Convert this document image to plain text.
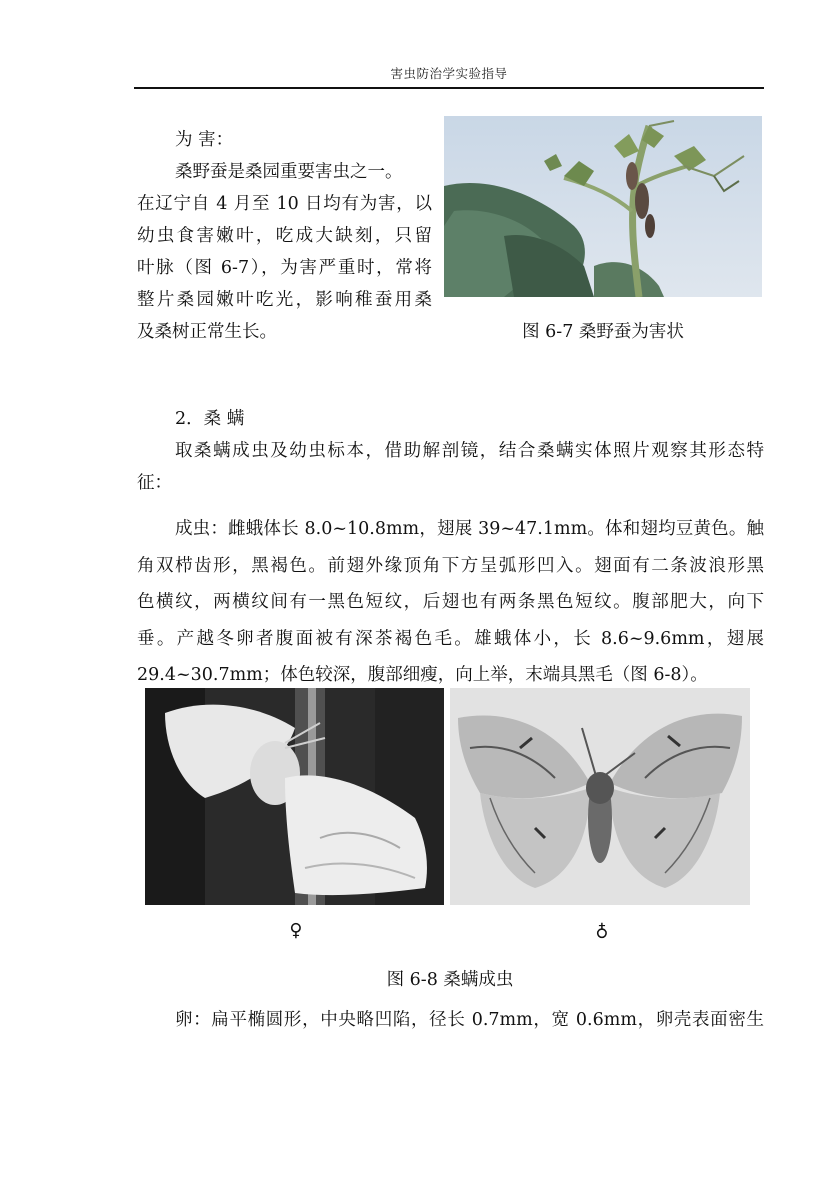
害虫防治学实验指导

为 害：

桑野蚕是桑园重要害虫之一。

在辽宁自 4 月至 10 日均有为害，以

幼虫食害嫩叶，吃成大缺刻，只留

叶脉（图 6-7），为害严重时，常将

整片桑园嫩叶吃光，影响稚蚕用桑

及桑树正常生长。	图 6-7 桑野蚕为害状

2．桑 螨

取桑螨成虫及幼虫标本，借助解剖镜，结合桑螨实体照片观察其形态特

征：

成虫：雌蛾体长 8.0~10.8mm，翅展 39~47.1mm。体和翅均豆黄色。触

角双栉齿形，黑褐色。前翅外缘顶角下方呈弧形凹入。翅面有二条波浪形黑

色横纹，两横纹间有一黑色短纹，后翅也有两条黑色短纹。腹部肥大，向下

垂。产越冬卵者腹面被有深茶褐色毛。雄蛾体小，长 8.6~9.6mm，翅展

29.4~30.7mm；体色较深，腹部细瘦，向上举，末端具黑毛（图 6-8）。

♀	♁
图 6-8 桑螨成虫

卵：扁平椭圆形，中央略凹陷，径长 0.7mm，宽 0.6mm，卵壳表面密生
